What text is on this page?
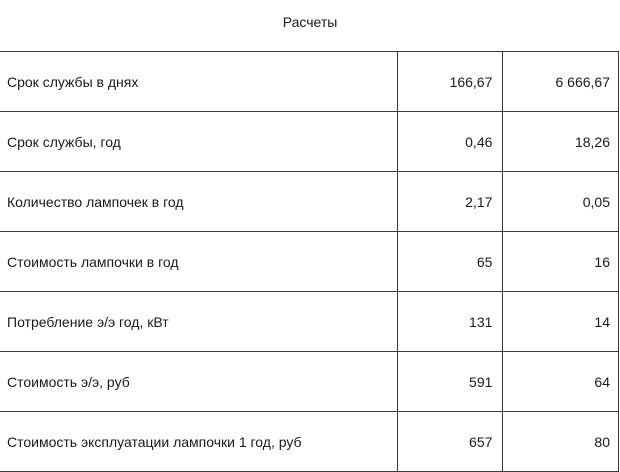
Расчеты
Срок службы в днях	166,67	6 666,67
Срок службы, год	0,46	18,26
Количество лампочек в год	2,17	0,05
Стоимость лампочки в год	65	16
Потребление э/э год, кВт	131	14
Стоимость э/э, руб	591	64
Стоимость эксплуатации лампочки 1 год, руб	657	80
